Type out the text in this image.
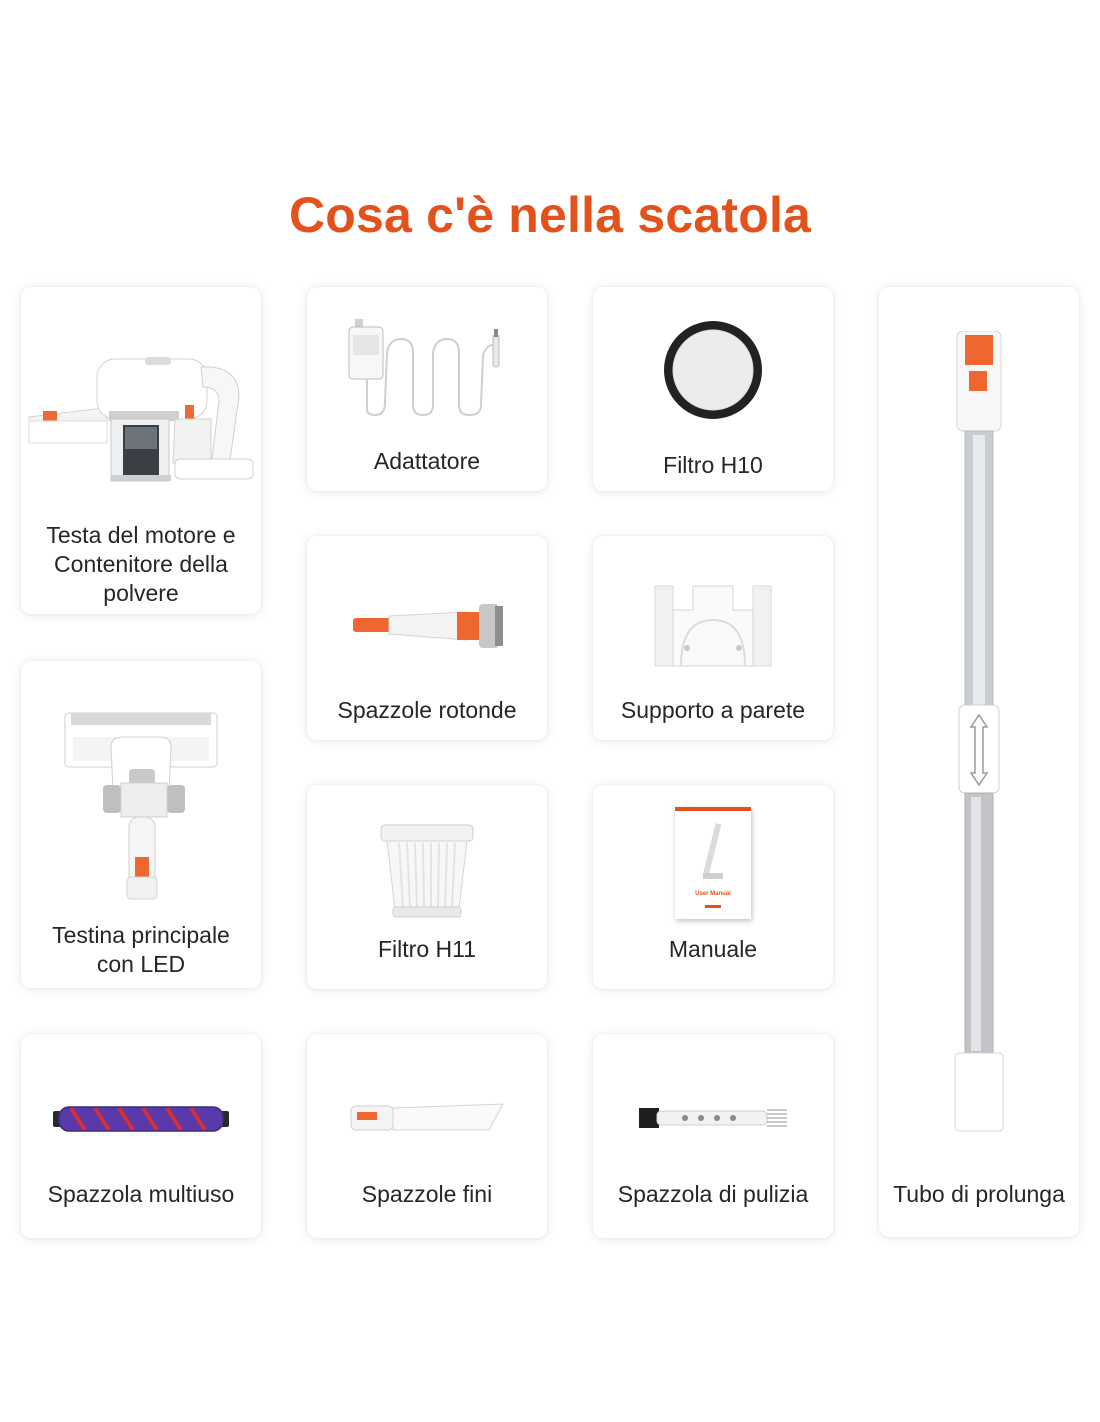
Cosa c'è nella scatola
Testa del motore e Contenitore della polvere
Adattatore	Filtro H10
Tubo di prolunga
Spazzole rotonde	Supporto a parete
Testina principale con LED
Filtro H11
User Manual
Manuale
Spazzola multiuso	Spazzole fini	Spazzola di pulizia
